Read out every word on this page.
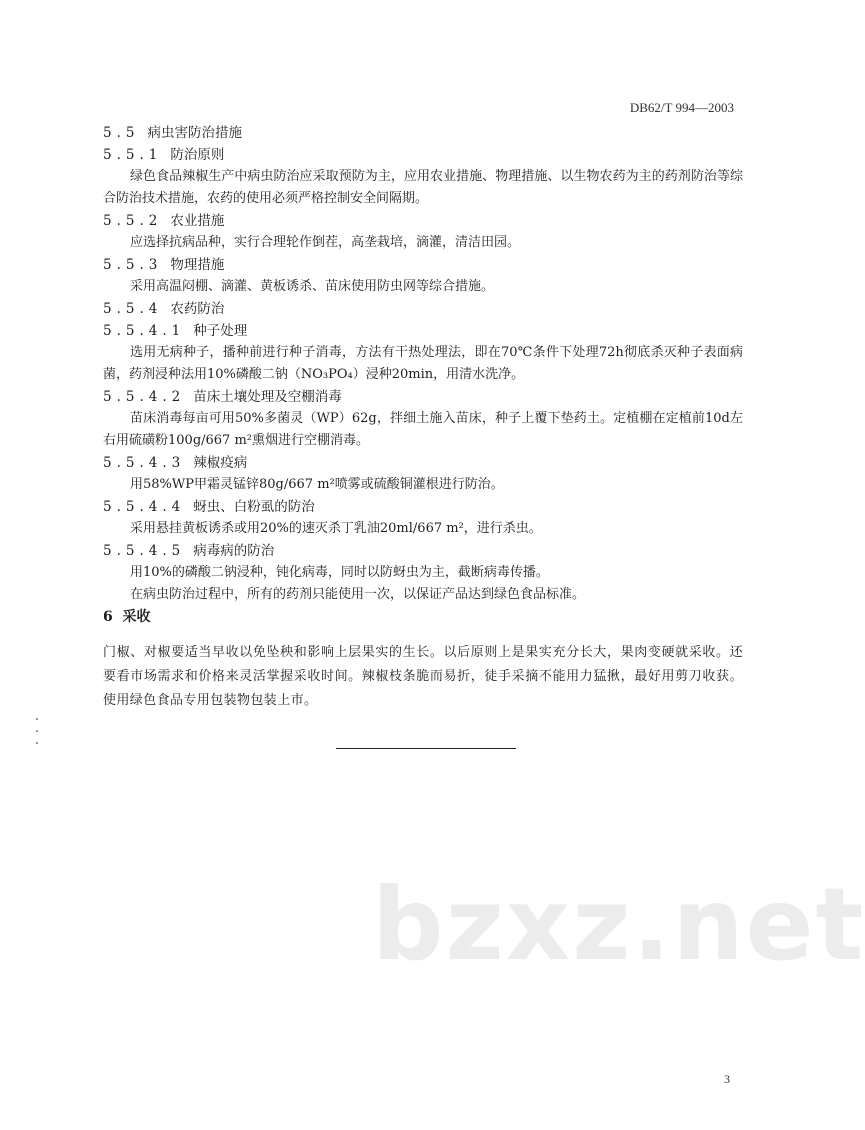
DB62/T 994—2003
5.5 病虫害防治措施
5.5.1 防治原则

绿色食品辣椒生产中病虫防治应采取预防为主，应用农业措施、物理措施、以生物农药为主的药剂防治等综合防治技术措施，农药的使用必须严格控制安全间隔期。

5.5.2 农业措施

应选择抗病品种，实行合理轮作倒茬，高垄栽培，滴灌，清洁田园。

5.5.3 物理措施

采用高温闷棚、滴灌、黄板诱杀、苗床使用防虫网等综合措施。

5.5.4 农药防治
5.5.4.1 种子处理

选用无病种子，播种前进行种子消毒，方法有干热处理法，即在70℃条件下处理72h彻底杀灭种子表面病菌，药剂浸种法用10%磷酸二钠（NO₃PO₄）浸种20min，用清水洗净。

5.5.4.2 苗床土壤处理及空棚消毒

苗床消毒每亩可用50%多菌灵（WP）62g，拌细土施入苗床，种子上覆下垫药土。定植棚在定植前10d左右用硫磺粉100g/667 m²熏烟进行空棚消毒。

5.5.4.3 辣椒疫病

用58%WP甲霜灵锰锌80g/667 m²喷雾或硫酸铜灌根进行防治。

5.5.4.4 蚜虫、白粉虱的防治

采用悬挂黄板诱杀或用20%的速灭杀丁乳油20ml/667 m²，进行杀虫。

5.5.4.5 病毒病的防治

用10%的磷酸二钠浸种，钝化病毒，同时以防蚜虫为主，截断病毒传播。

在病虫防治过程中，所有的药剂只能使用一次，以保证产品达到绿色食品标准。

6 采收

门椒、对椒要适当早收以免坠秧和影响上层果实的生长。以后原则上是果实充分长大，果肉变硬就采收。还要看市场需求和价格来灵活掌握采收时间。辣椒枝条脆而易折，徒手采摘不能用力猛揪，最好用剪刀收获。使用绿色食品专用包装物包装上市。

bzxz.net
3
